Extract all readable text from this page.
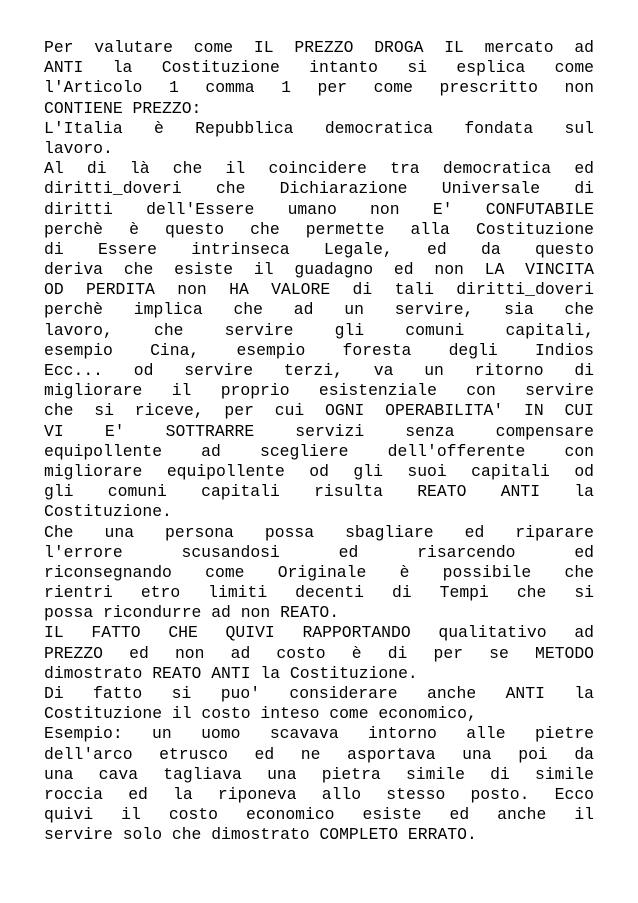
Per valutare come IL PREZZO DROGA IL mercato ad
ANTI la Costituzione intanto si esplica come
l'Articolo 1 comma 1 per come prescritto non
CONTIENE PREZZO:
L'Italia è Repubblica democratica fondata sul
lavoro.
Al di là che il coincidere tra democratica ed
diritti_doveri che Dichiarazione Universale di
diritti dell'Essere umano non E' CONFUTABILE
perchè è questo che permette alla Costituzione
di Essere intrinseca Legale, ed da questo
deriva che esiste il guadagno ed non LA VINCITA
OD PERDITA non HA VALORE di tali diritti_doveri
perchè implica che ad un servire, sia che
lavoro, che servire gli comuni capitali,
esempio Cina, esempio foresta degli Indios
Ecc... od servire terzi, va un ritorno di
migliorare il proprio esistenziale con servire
che si riceve, per cui OGNI OPERABILITA' IN CUI
VI E' SOTTRARRE servizi senza compensare
equipollente ad scegliere dell'offerente con
migliorare equipollente od gli suoi capitali od
gli comuni capitali risulta REATO ANTI la
Costituzione.
Che una persona possa sbagliare ed riparare
l'errore scusandosi ed risarcendo ed
riconsegnando come Originale è possibile che
rientri etro limiti decenti di Tempi che si
possa ricondurre ad non REATO.
IL FATTO CHE QUIVI RAPPORTANDO qualitativo ad
PREZZO ed non ad costo è di per se METODO
dimostrato REATO ANTI la Costituzione.
Di fatto si puo' considerare anche ANTI la
Costituzione il costo inteso come economico,
Esempio: un uomo scavava intorno alle pietre
dell'arco etrusco ed ne asportava una poi da
una cava tagliava una pietra simile di simile
roccia ed la riponeva allo stesso posto. Ecco
quivi il costo economico esiste ed anche il
servire solo che dimostrato COMPLETO ERRATO.
